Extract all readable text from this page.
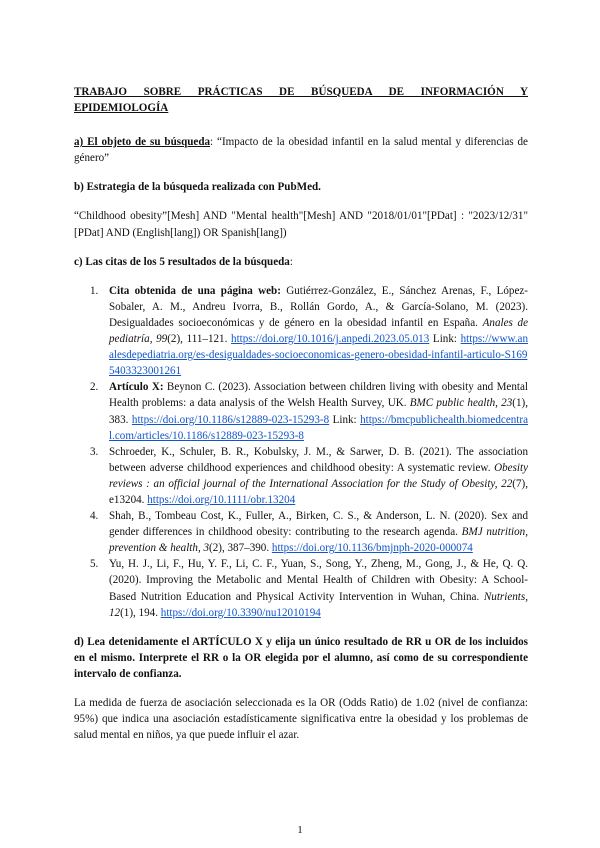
TRABAJO SOBRE PRÁCTICAS DE BÚSQUEDA DE INFORMACIÓN Y EPIDEMIOLOGÍA
a) El objeto de su búsqueda: “Impacto de la obesidad infantil en la salud mental y diferencias de género”
b) Estrategia de la búsqueda realizada con PubMed.
“Childhood obesity”[Mesh] AND "Mental health"[Mesh] AND "2018/01/01"[PDat] : "2023/12/31"[PDat] AND (English[lang]) OR Spanish[lang])
c) Las citas de los 5 resultados de la búsqueda:
1. Cita obtenida de una página web: Gutiérrez-González, E., Sánchez Arenas, F., López-Sobaler, A. M., Andreu Ivorra, B., Rollán Gordo, A., & García-Solano, M. (2023). Desigualdades socioeconómicas y de género en la obesidad infantil en España. Anales de pediatría, 99(2), 111–121. https://doi.org/10.1016/j.anpedi.2023.05.013 Link: https://www.analesdepediatria.org/es-desigualdades-socioeconomicas-genero-obesidad-infantil-articulo-S1695403323001261
2. Artículo X: Beynon C. (2023). Association between children living with obesity and Mental Health problems: a data analysis of the Welsh Health Survey, UK. BMC public health, 23(1), 383. https://doi.org/10.1186/s12889-023-15293-8 Link: https://bmcpublichealth.biomedcentral.com/articles/10.1186/s12889-023-15293-8
3. Schroeder, K., Schuler, B. R., Kobulsky, J. M., & Sarwer, D. B. (2021). The association between adverse childhood experiences and childhood obesity: A systematic review. Obesity reviews : an official journal of the International Association for the Study of Obesity, 22(7), e13204. https://doi.org/10.1111/obr.13204
4. Shah, B., Tombeau Cost, K., Fuller, A., Birken, C. S., & Anderson, L. N. (2020). Sex and gender differences in childhood obesity: contributing to the research agenda. BMJ nutrition, prevention & health, 3(2), 387–390. https://doi.org/10.1136/bmjnph-2020-000074
5. Yu, H. J., Li, F., Hu, Y. F., Li, C. F., Yuan, S., Song, Y., Zheng, M., Gong, J., & He, Q. Q. (2020). Improving the Metabolic and Mental Health of Children with Obesity: A School-Based Nutrition Education and Physical Activity Intervention in Wuhan, China. Nutrients, 12(1), 194. https://doi.org/10.3390/nu12010194
d) Lea detenidamente el ARTÍCULO X y elija un único resultado de RR u OR de los incluidos en el mismo. Interprete el RR o la OR elegida por el alumno, así como de su correspondiente intervalo de confianza.
La medida de fuerza de asociación seleccionada es la OR (Odds Ratio) de 1.02 (nivel de confianza: 95%) que indica una asociación estadísticamente significativa entre la obesidad y los problemas de salud mental en niños, ya que puede influir el azar.
1
